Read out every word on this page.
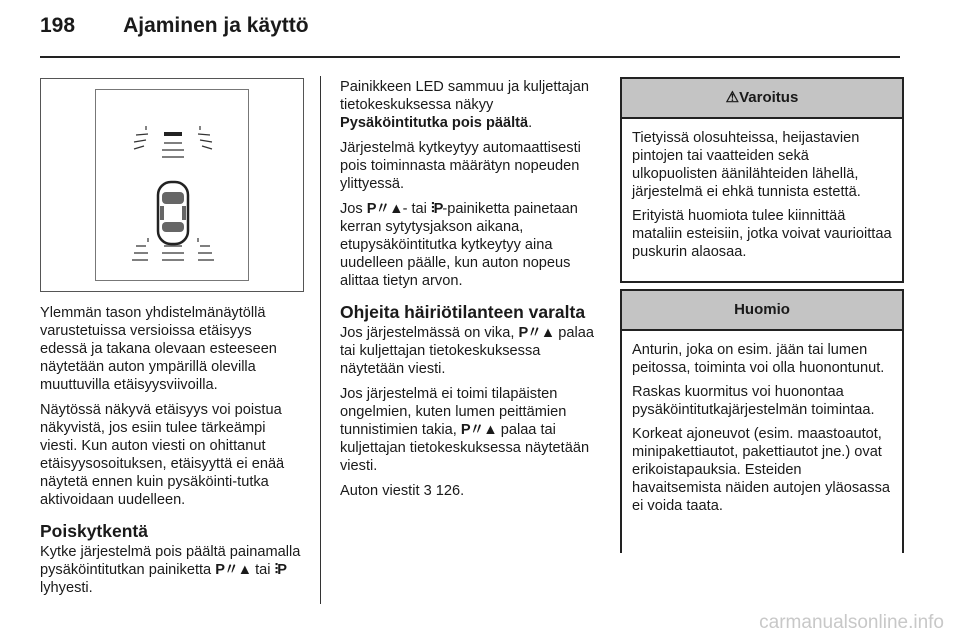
198 Ajaminen ja käyttö

Ylemmän tason yhdistelmänäytöllä varustetuissa versioissa etäisyys edessä ja takana olevaan esteeseen näytetään auton ympärillä olevilla muuttuvilla etäisyysviivoilla.

Näytössä näkyvä etäisyys voi poistua näkyvistä, jos esiin tulee tärkeämpi viesti. Kun auton viesti on ohittanut etäisyysosoituksen, etäisyyttä ei enää näytetä ennen kuin pysäköinti-tutka aktivoidaan uudelleen.

Poiskytkentä

Kytke järjestelmä pois päältä painamalla pysäköintitutkan painiketta P〃▲ tai ⫶P lyhyesti.

Painikkeen LED sammuu ja kuljettajan tietokeskuksessa näkyy Pysäköintitutka pois päältä.

Järjestelmä kytkeytyy automaattisesti pois toiminnasta määrätyn nopeuden ylittyessä.

Jos P〃▲- tai ⫶P-painiketta painetaan kerran sytytysjakson aikana, etupysäköintitutka kytkeytyy aina uudelleen päälle, kun auton nopeus alittaa tietyn arvon.

Ohjeita häiriötilanteen varalta

Jos järjestelmässä on vika, P〃▲ palaa tai kuljettajan tietokeskuksessa näytetään viesti.

Jos järjestelmä ei toimi tilapäisten ongelmien, kuten lumen peittämien tunnistimien takia, P〃▲ palaa tai kuljettajan tietokeskuksessa näytetään viesti.

Auton viestit 3 126.

⚠ Varoitus

Tietyissä olosuhteissa, heijastavien pintojen tai vaatteiden sekä ulkopuolisten äänilähteiden lähellä, järjestelmä ei ehkä tunnista estettä.

Erityistä huomiota tulee kiinnittää mataliin esteisiin, jotka voivat vaurioittaa puskurin alaosaa.

Huomio

Anturin, joka on esim. jään tai lumen peitossa, toiminta voi olla huonontunut.

Raskas kuormitus voi huonontaa pysäköintitutkajärjestelmän toimintaa.

Korkeat ajoneuvot (esim. maastoautot, minipakettiautot, pakettiautot jne.) ovat erikoistapauksia. Esteiden havaitsemista näiden autojen yläosassa ei voida taata.

carmanualsonline.info
